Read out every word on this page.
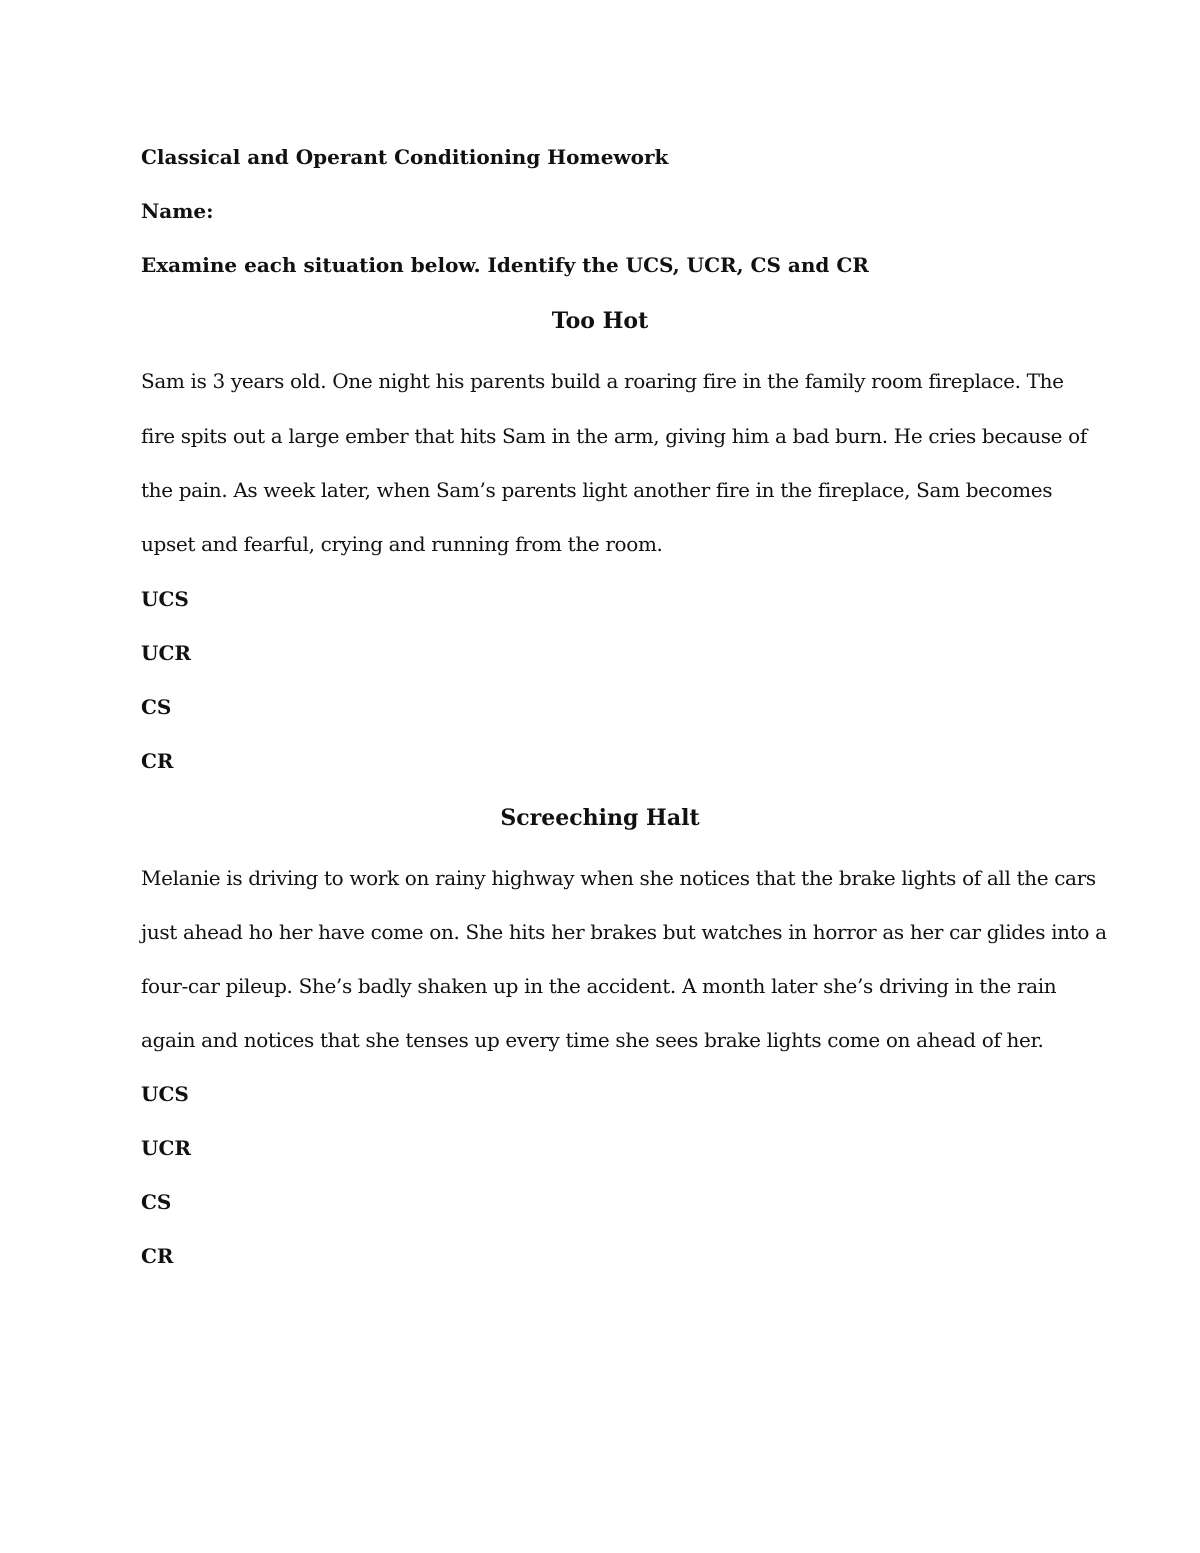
Classical and Operant Conditioning Homework
Name:
Examine each situation below. Identify the UCS, UCR, CS and CR
Too Hot
Sam is 3 years old. One night his parents build a roaring fire in the family room fireplace. The
fire spits out a large ember that hits Sam in the arm, giving him a bad burn. He cries because of
the pain. As week later, when Sam’s parents light another fire in the fireplace, Sam becomes
upset and fearful, crying and running from the room.
UCS
UCR
CS
CR
Screeching Halt
Melanie is driving to work on rainy highway when she notices that the brake lights of all the cars
just ahead ho her have come on. She hits her brakes but watches in horror as her car glides into a
four-car pileup. She’s badly shaken up in the accident. A month later she’s driving in the rain
again and notices that she tenses up every time she sees brake lights come on ahead of her.
UCS
UCR
CS
CR
